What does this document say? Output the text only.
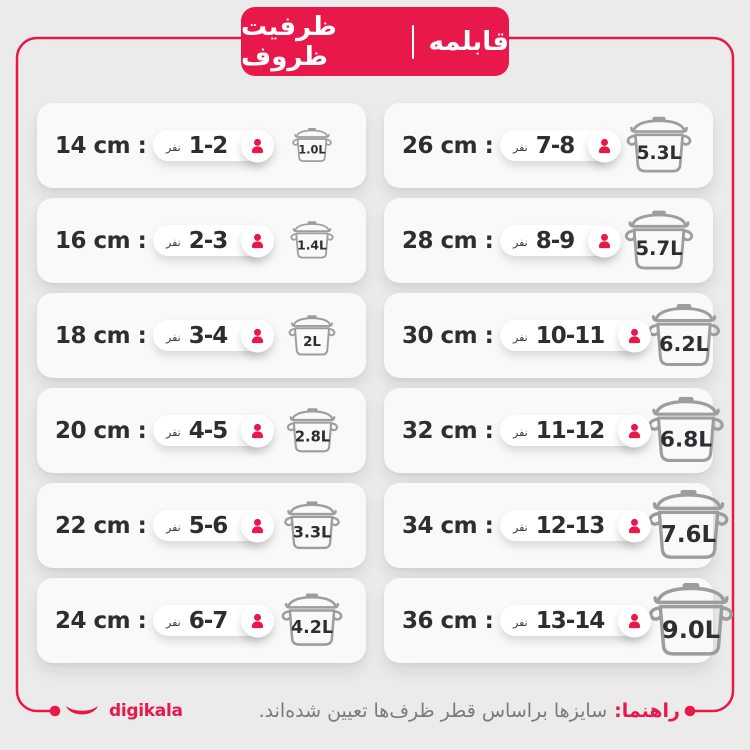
ظرفیت ظروف	قابلمه
14 cm :	نفر 1-2	1.0L
16 cm :	نفر 2-3	1.4L
18 cm :	نفر 3-4	2L
20 cm :	نفر 4-5	2.8L
22 cm :	نفر 5-6	3.3L
24 cm :	نفر 6-7	4.2L
26 cm :	نفر 7-8	5.3L
28 cm :	نفر 8-9	5.7L
30 cm :	نفر 10-11	6.2L
32 cm :	نفر 11-12	6.8L
34 cm :	نفر 12-13	7.6L
36 cm :	نفر 13-14	9.0L
digikala	راهنما:سایزها براساس قطر ظرف‌ها تعیین شده‌اند.
